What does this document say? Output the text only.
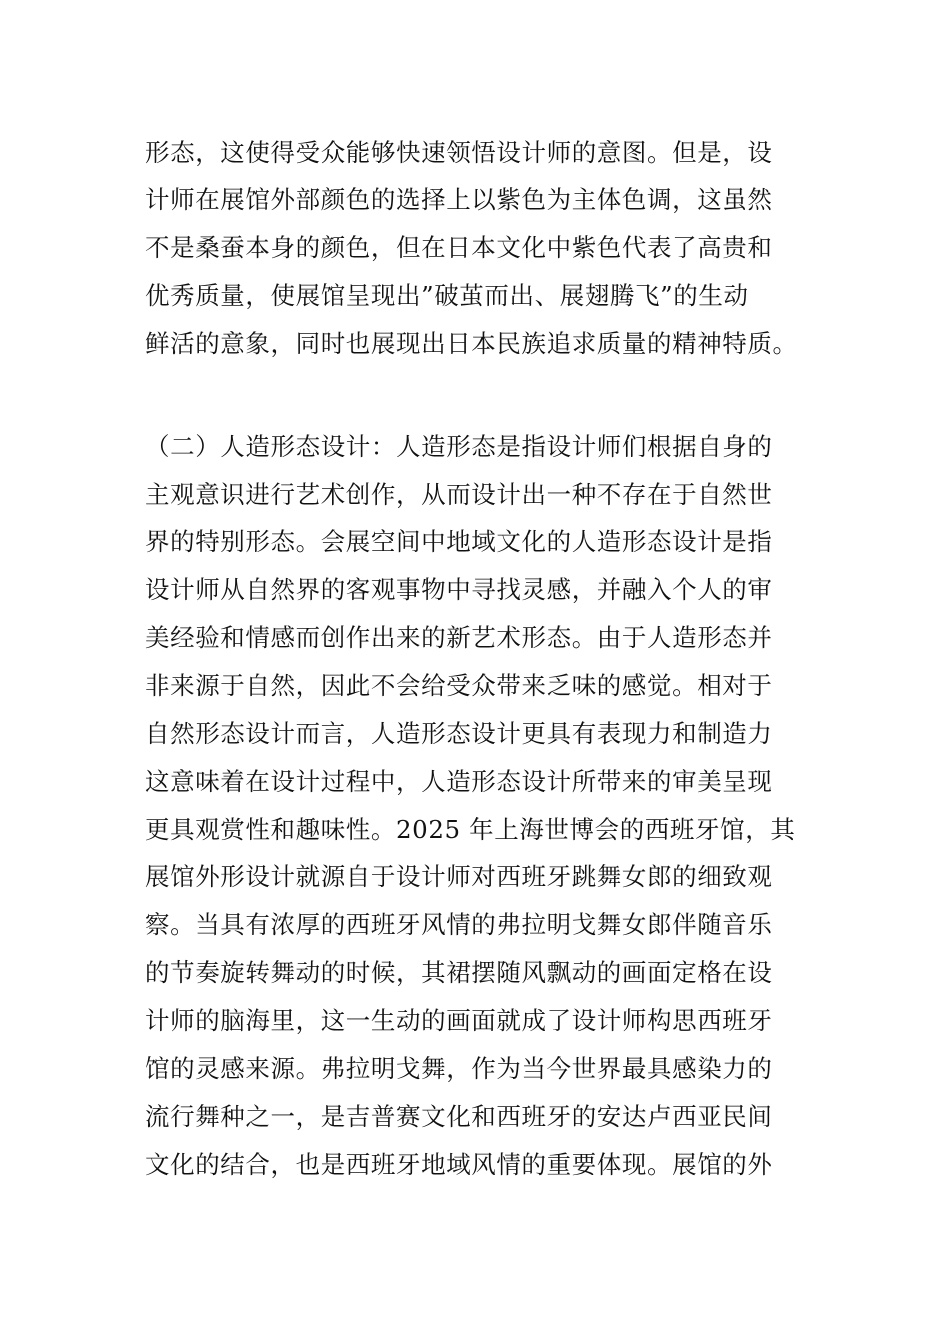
形态，这使得受众能够快速领悟设计师的意图。但是，设
计师在展馆外部颜色的选择上以紫色为主体色调，这虽然
不是桑蚕本身的颜色，但在日本文化中紫色代表了高贵和
优秀质量，使展馆呈现出”破茧而出、展翅腾飞”的生动
鲜活的意象，同时也展现出日本民族追求质量的精神特质。
（二）人造形态设计：人造形态是指设计师们根据自身的
主观意识进行艺术创作，从而设计出一种不存在于自然世
界的特别形态。会展空间中地域文化的人造形态设计是指
设计师从自然界的客观事物中寻找灵感，并融入个人的审
美经验和情感而创作出来的新艺术形态。由于人造形态并
非来源于自然，因此不会给受众带来乏味的感觉。相对于
自然形态设计而言，人造形态设计更具有表现力和制造力
这意味着在设计过程中，人造形态设计所带来的审美呈现
更具观赏性和趣味性。2025 年上海世博会的西班牙馆，其
展馆外形设计就源自于设计师对西班牙跳舞女郎的细致观
察。当具有浓厚的西班牙风情的弗拉明戈舞女郎伴随音乐
的节奏旋转舞动的时候，其裙摆随风飘动的画面定格在设
计师的脑海里，这一生动的画面就成了设计师构思西班牙
馆的灵感来源。弗拉明戈舞，作为当今世界最具感染力的
流行舞种之一，是吉普赛文化和西班牙的安达卢西亚民间
文化的结合，也是西班牙地域风情的重要体现。展馆的外
